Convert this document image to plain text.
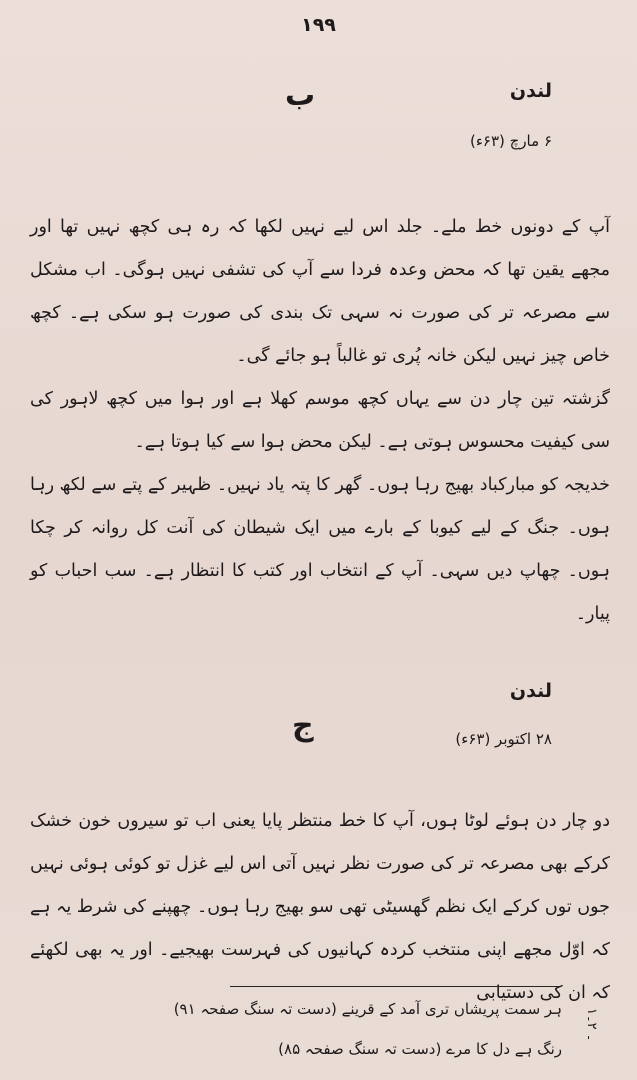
١٩٩
لندن
ب
۶ مارچ (۶۳ء)

آپ کے دونوں خط ملے۔ جلد اس لیے نہیں لکھا کہ رہ ہی کچھ نہیں تھا اور مجھے یقین تھا کہ محض وعدہ فردا سے آپ کی تشفی نہیں ہوگی۔ اب مشکل سے مصرعہ تر کی صورت نہ سہی تک بندی کی صورت ہو سکی ہے۔ کچھ خاص چیز نہیں لیکن خانہ پُری تو غالباً ہو جائے گی۔

گزشتہ تین چار دن سے یہاں کچھ موسم کھلا ہے اور ہوا میں کچھ لاہور کی سی کیفیت محسوس ہوتی ہے۔ لیکن محض ہوا سے کیا ہوتا ہے۔

خدیجہ کو مبارکباد بھیج رہا ہوں۔ گھر کا پتہ یاد نہیں۔ ظہیر کے پتے سے لکھ رہا ہوں۔ جنگ کے لیے کیوبا کے بارے میں ایک شیطان کی آنت کل روانہ کر چکا ہوں۔ چھاپ دیں سہی۔ آپ کے انتخاب اور کتب کا انتظار ہے۔ سب احباب کو پیار۔

لندن
ج	۲۸ اکتوبر (۶۳ء)

دو چار دن ہوئے لوٹا ہوں، آپ کا خط منتظر پایا یعنی اب تو سیروں خون خشک کرکے بھی مصرعہ تر کی صورت نظر نہیں آتی اس لیے غزل تو کوئی ہوئی نہیں جوں توں کرکے ایک نظم گھسیٹی تھی سو بھیج رہا ہوں۔ چھپنے کی شرط یہ ہے کہ اوّل مجھے اپنی منتخب کردہ کہانیوں کی فہرست بھیجیے۔ اور یہ بھی لکھئے کہ ان کی دستیابی

۱۔ ۲۔
ہر سمت پریشاں تری آمد کے قرینے (دست تہ سنگ صفحہ ۹۱)
رنگ ہے دل کا مرے (دست تہ سنگ صفحہ ۸۵)
